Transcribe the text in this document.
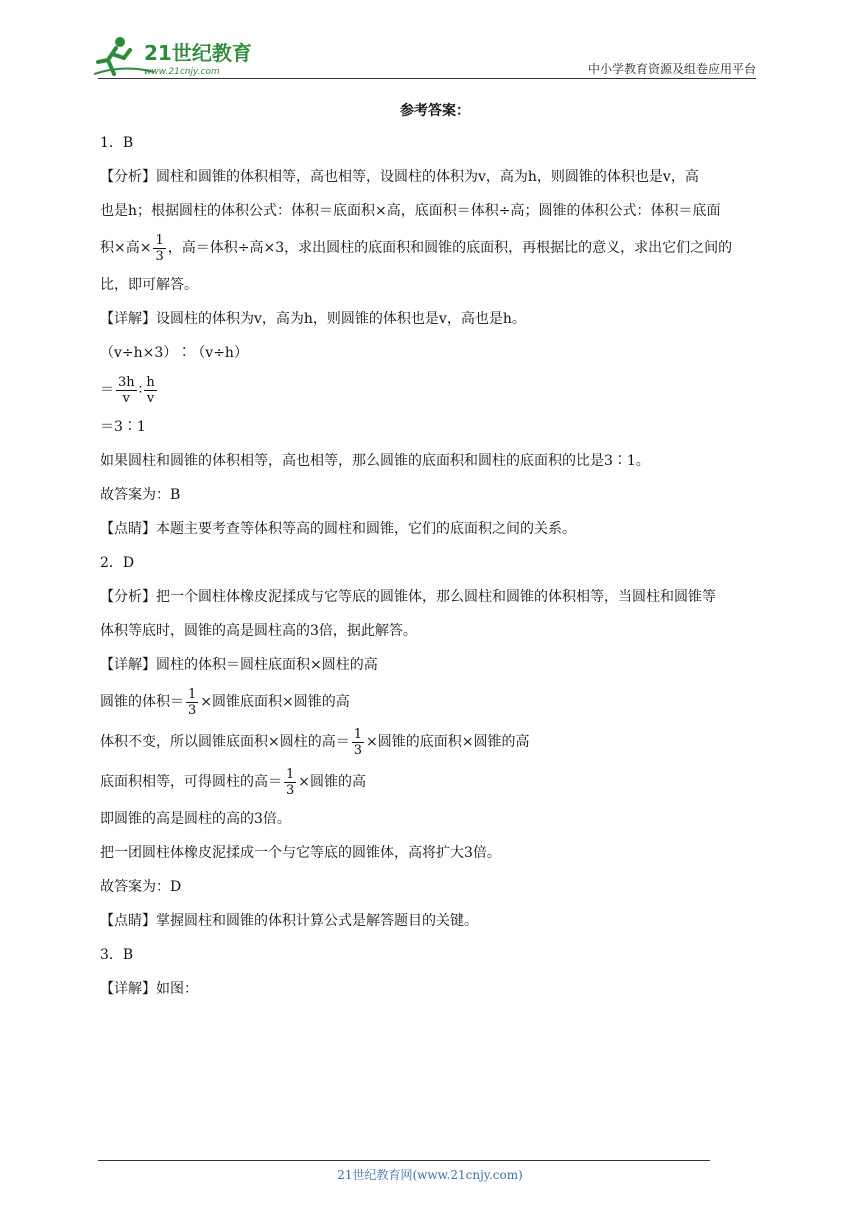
21世纪教育
www.21cnjy.com	中小学教育资源及组卷应用平台
参考答案：
1．B
【分析】圆柱和圆锥的体积相等，高也相等，设圆柱的体积为v，高为h，则圆锥的体积也是v，高
也是h；根据圆柱的体积公式：体积＝底面积×高，底面积＝体积÷高；圆锥的体积公式：体积＝底面
积×高× $\frac{1}{3}$ ，高＝体积÷高×3，求出圆柱的底面积和圆锥的底面积，再根据比的意义，求出它们之间的
比，即可解答。
【详解】设圆柱的体积为v，高为h，则圆锥的体积也是v，高也是h。
（v÷h×3）∶（v÷h）
＝ $\frac{3h}{v}$ ∶ $\frac{h}{v}$
＝3∶1
如果圆柱和圆锥的体积相等，高也相等，那么圆锥的底面积和圆柱的底面积的比是3∶1。
故答案为：B
【点睛】本题主要考查等体积等高的圆柱和圆锥，它们的底面积之间的关系。
2．D
【分析】把一个圆柱体橡皮泥揉成与它等底的圆锥体，那么圆柱和圆锥的体积相等，当圆柱和圆锥等
体积等底时，圆锥的高是圆柱高的3倍，据此解答。
【详解】圆柱的体积＝圆柱底面积×圆柱的高
圆锥的体积＝ $\frac{1}{3}$ ×圆锥底面积×圆锥的高
体积不变，所以圆锥底面积×圆柱的高＝ $\frac{1}{3}$ ×圆锥的底面积×圆锥的高
底面积相等，可得圆柱的高＝ $\frac{1}{3}$ ×圆锥的高
即圆锥的高是圆柱的高的3倍。
把一团圆柱体橡皮泥揉成一个与它等底的圆锥体，高将扩大3倍。
故答案为：D
【点睛】掌握圆柱和圆锥的体积计算公式是解答题目的关键。
3．B
【详解】如图：
21世纪教育网(www.21cnjy.com)
